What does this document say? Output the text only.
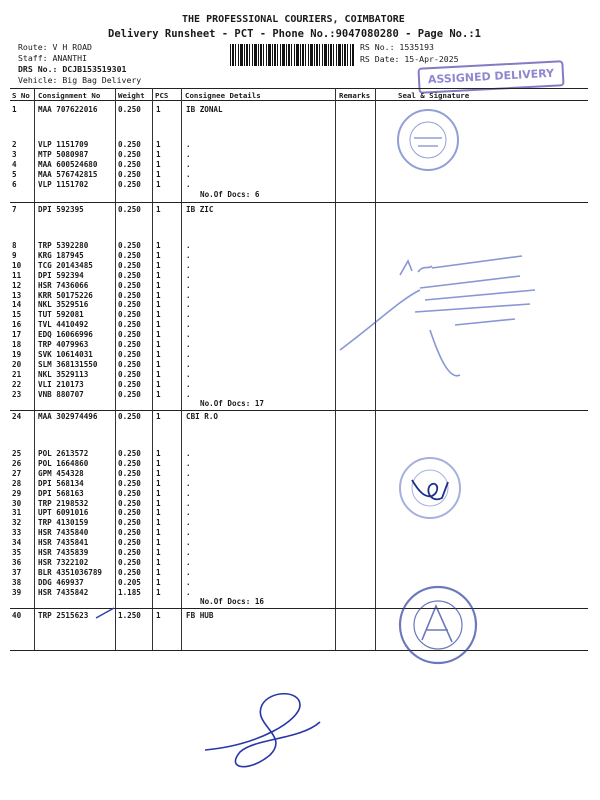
THE PROFESSIONAL COURIERS, COIMBATORE
Delivery Runsheet - PCT - Phone No.:9047080280 - Page No.:1
Route: V H ROAD
Staff: ANANTHI
DRS No.: DCJB153519301
Vehicle: Big Bag Delivery
RS No.: 1535193
RS Date: 15-Apr-2025
ASSIGNED DELIVERY
S No Consignment No Weight PCS Consignee Details	Remarks	Seal & Signature
1	MAA 707622016	0.250 1	IB ZONAL
2	VLP 1151709	0.250 1	.
3	MTP 5080987	0.250 1	.
4	MAA 600524680	0.250 1	.
5	MAA 576742815	0.250 1	.
6	VLP 1151702	0.250 1	.
No.Of Docs: 6
7	DPI 592395	0.250 1	IB ZIC
8	TRP 5392280	0.250 1	.
9	KRG 187945	0.250 1	.
10 TCG 20143485	0.250 1	.
11 DPI 592394	0.250 1	.
12 HSR 7436066	0.250 1	.
13 KRR 50175226	0.250 1	.
14 NKL 3529516	0.250 1	.
15 TUT 592081	0.250 1	.
16 TVL 4410492	0.250 1	.
17 EDQ 16066996	0.250 1	.
18 TRP 4079963	0.250 1	.
19 SVK 10614031	0.250 1	.
20 SLM 368131550	0.250 1	.
21 NKL 3529113	0.250 1	.
22 VLI 210173	0.250 1	.
23 VNB 880707	0.250 1	.
No.Of Docs: 17
24 MAA 302974496	0.250 1	CBI R.O
25 POL 2613572	0.250 1	.
26 POL 1664860	0.250 1	.
27 GPM 454328	0.250 1	.
28 DPI 568134	0.250 1	.
29 DPI 568163	0.250 1	.
30 TRP 2198532	0.250 1	.
31 UPT 6091016	0.250 1	.
32 TRP 4130159	0.250 1	.
33 HSR 7435840	0.250 1	.
34 HSR 7435841	0.250 1	.
35 HSR 7435839	0.250 1	.
36 HSR 7322102	0.250 1	.
37 BLR 4351036789 0.250 1	.
38 DDG 469937	0.205 1	.
39 HSR 7435842	1.185 1	.
No.Of Docs: 16
40 TRP 2515623	1.250 1	FB HUB
